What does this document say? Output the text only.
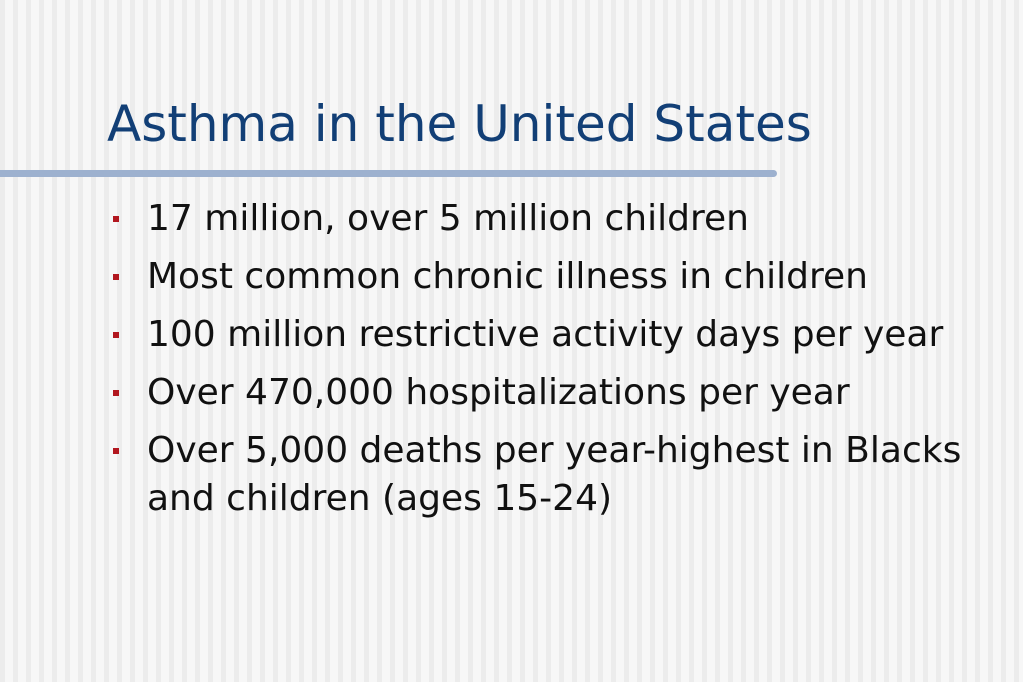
Asthma in the United States
17 million, over 5 million children
Most common chronic illness in children
100 million restrictive activity days per year
Over 470,000 hospitalizations per year
Over 5,000 deaths per year-highest in Blacks and children (ages 15-24)
